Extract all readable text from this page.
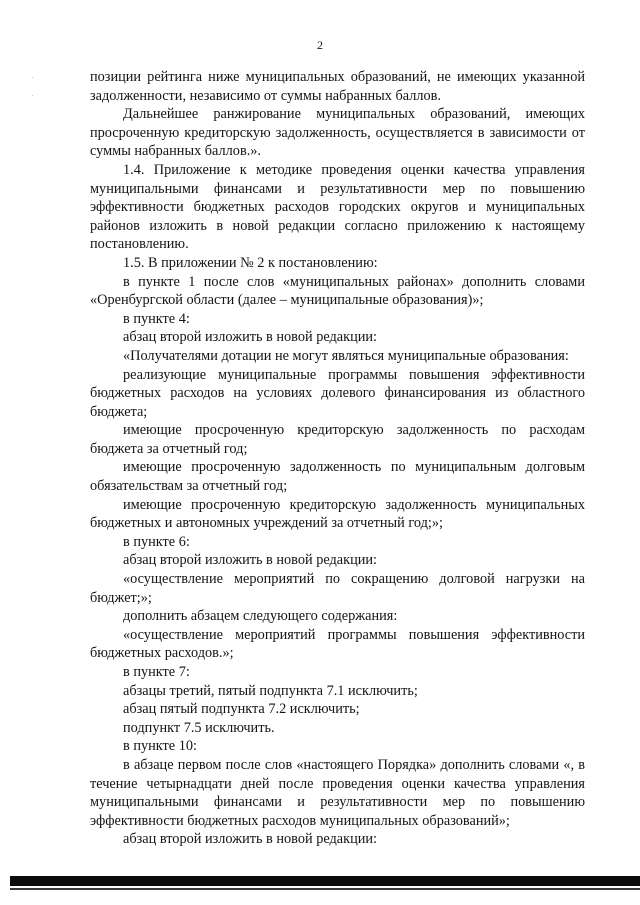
2

позиции рейтинга ниже муниципальных образований, не имеющих указанной задолженности, независимо от суммы набранных баллов.

Дальнейшее ранжирование муниципальных образований, имеющих просроченную кредиторскую задолженность, осуществляется в зависимости от суммы набранных баллов.».

1.4. Приложение к методике проведения оценки качества управления муниципальными финансами и результативности мер по повышению эффективности бюджетных расходов городских округов и муниципальных районов изложить в новой редакции согласно приложению к настоящему постановлению.

1.5. В приложении № 2 к постановлению:

в пункте 1 после слов «муниципальных районах» дополнить словами «Оренбургской области (далее – муниципальные образования)»;

в пункте 4:

абзац второй изложить в новой редакции:

«Получателями дотации не могут являться муниципальные образования:

реализующие муниципальные программы повышения эффективности бюджетных расходов на условиях долевого финансирования из областного бюджета;

имеющие просроченную кредиторскую задолженность по расходам бюджета за отчетный год;

имеющие просроченную задолженность по муниципальным долговым обязательствам за отчетный год;

имеющие просроченную кредиторскую задолженность муниципальных бюджетных и автономных учреждений за отчетный год;»;

в пункте 6:

абзац второй изложить в новой редакции:

«осуществление мероприятий по сокращению долговой нагрузки на бюджет;»;

дополнить абзацем следующего содержания:

«осуществление мероприятий программы повышения эффективности бюджетных расходов.»;

в пункте 7:

абзацы третий, пятый подпункта 7.1 исключить;

абзац пятый подпункта 7.2 исключить;

подпункт 7.5 исключить.

в пункте 10:

в абзаце первом после слов «настоящего Порядка» дополнить словами «, в течение четырнадцати дней после проведения оценки качества управления муниципальными финансами и результативности мер по повышению эффективности бюджетных расходов муниципальных образований»;

абзац второй изложить в новой редакции:
